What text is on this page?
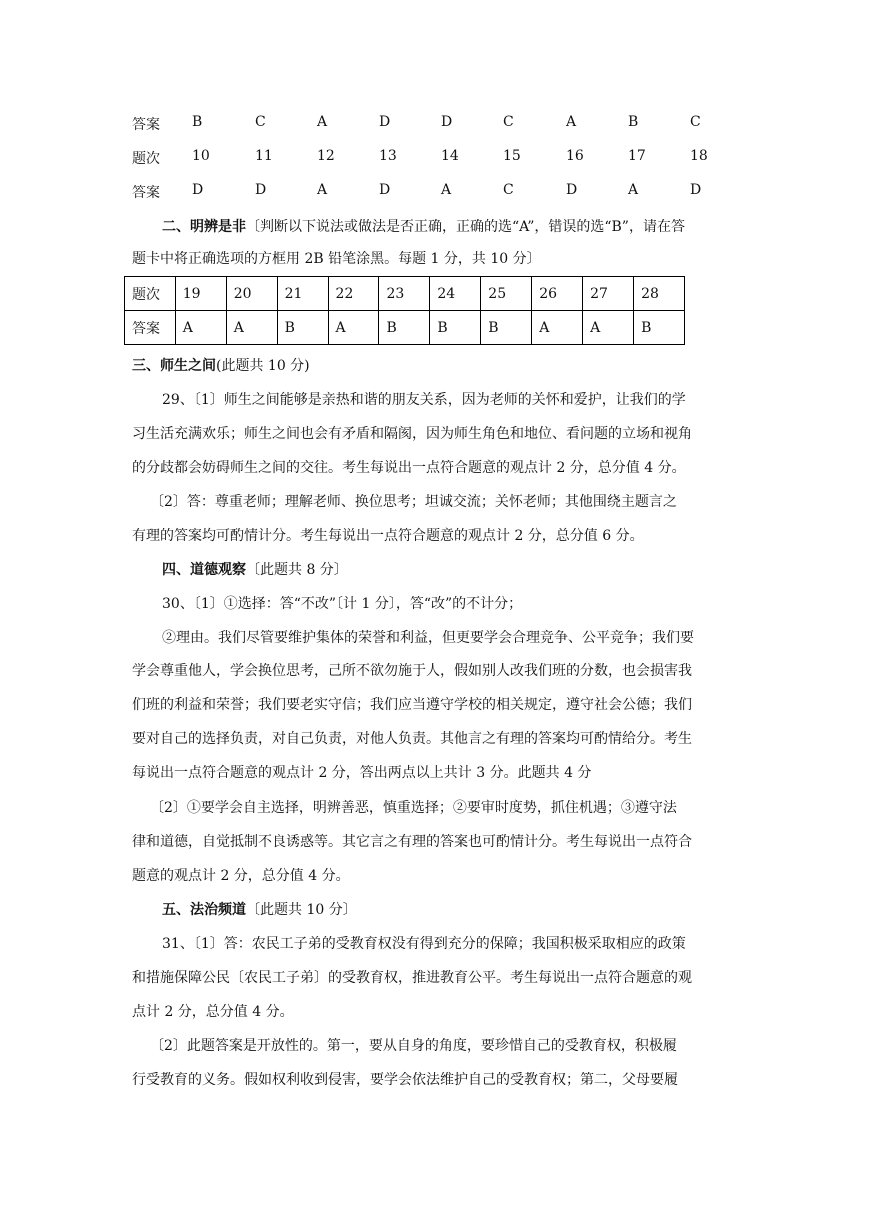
答案 B	C	A	D	D	C	A	B	C
题次 10	11	12	13	14	15	16	17	18
答案 D	D	A	D	A	C	D	A	D
二、明辨是非〔判断以下说法或做法是否正确，正确的选“A”，错误的选“B”，请在答
题卡中将正确选项的方框用 2B 铅笔涂黑。每题 1 分，共 10 分〕
题次	19	20	21	22	23	24	25	26	27	28
答案	A	A	B	A	B	B	B	A	A	B
三、师生之间(此题共 10 分)
29、〔1〕师生之间能够是亲热和谐的朋友关系，因为老师的关怀和爱护，让我们的学
习生活充满欢乐；师生之间也会有矛盾和隔阂，因为师生角色和地位、看问题的立场和视角
的分歧都会妨碍师生之间的交往。考生每说出一点符合题意的观点计 2 分，总分值 4 分。
〔2〕答：尊重老师；理解老师、换位思考；坦诚交流；关怀老师；其他围绕主题言之
有理的答案均可酌情计分。考生每说出一点符合题意的观点计 2 分，总分值 6 分。
四、道德观察〔此题共 8 分〕
30、〔1〕①选择：答“不改”〔计 1 分〕，答“改”的不计分；
②理由。我们尽管要维护集体的荣誉和利益，但更要学会合理竞争、公平竞争；我们要
学会尊重他人，学会换位思考，己所不欲勿施于人，假如别人改我们班的分数，也会损害我
们班的利益和荣誉；我们要老实守信；我们应当遵守学校的相关规定，遵守社会公德；我们
要对自己的选择负责，对自己负责，对他人负责。其他言之有理的答案均可酌情给分。考生
每说出一点符合题意的观点计 2 分，答出两点以上共计 3 分。此题共 4 分
〔2〕①要学会自主选择，明辨善恶，慎重选择；②要审时度势，抓住机遇；③遵守法
律和道德，自觉抵制不良诱惑等。其它言之有理的答案也可酌情计分。考生每说出一点符合
题意的观点计 2 分，总分值 4 分。
五、法治频道〔此题共 10 分〕
31、〔1〕答：农民工子弟的受教育权没有得到充分的保障；我国积极采取相应的政策
和措施保障公民〔农民工子弟〕的受教育权，推进教育公平。考生每说出一点符合题意的观
点计 2 分，总分值 4 分。
〔2〕此题答案是开放性的。第一，要从自身的角度，要珍惜自己的受教育权，积极履
行受教育的义务。假如权利收到侵害，要学会依法维护自己的受教育权；第二，父母要履
